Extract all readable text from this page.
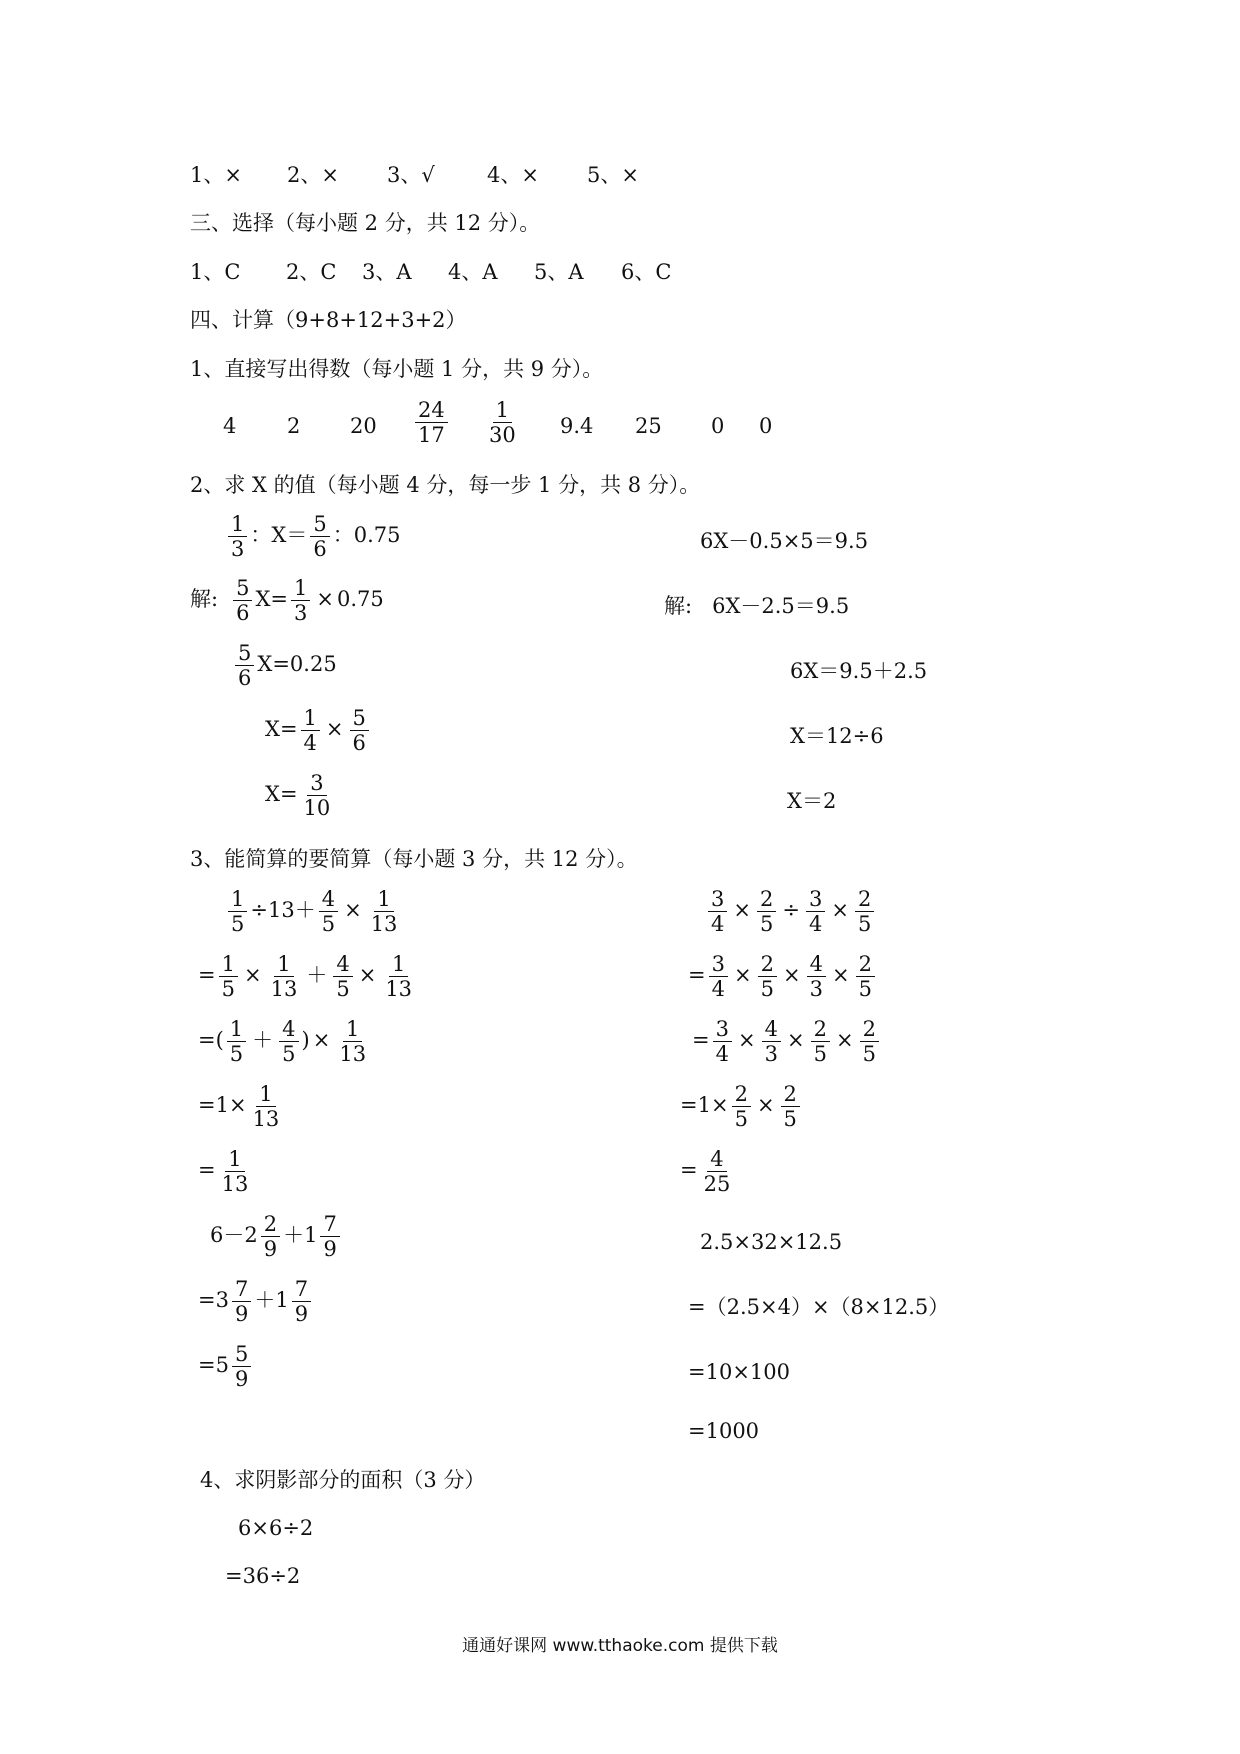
1、× 2、× 3、√ 4、× 5、×
三、选择（每小题 2 分，共 12 分）。
1、C 2、C 3、A 4、A 5、A 6、C
四、计算（9+8+12+3+2）
1、直接写出得数（每小题 1 分，共 9 分）。
4 2 $20 \frac{24}{17} \frac{1}{30} 9.4$ 25 0 0
2、求 X 的值（每小题 4 分，每一步 1 分，共 8 分）。
$\frac{1}{3}$ ：$X= \frac{5}{6}$ ：0.75
解: $\frac{5}{6} X= \frac{1}{3} \times 0.75$
$\frac{5}{6} X=0.25$
$X= \frac{1}{4} \times \frac{5}{6}$
$X= \frac{3}{10}$
6X－0.5×5＝9.5
解: 6X－2.5＝9.5
6X＝9.5＋2.5
X＝12÷6
X＝2
3、能简算的要简算（每小题 3 分，共 12 分）。
$\frac{1}{5} \div 13+ \frac{4}{5} \times \frac{1}{13}$
= $\frac{1}{5} \times \frac{1}{13} + \frac{4}{5} \times \frac{1}{13}$
=( $\frac{1}{5} + \frac{4}{5}$ ) × $\frac{1}{13}$
$=1\times \frac{1}{13}$
= $\frac{1}{13}$
$\frac{3}{4} \times \frac{2}{5} \div \frac{3}{4} \times \frac{2}{5}$
= $\frac{3}{4} \times \frac{2}{5} \times \frac{4}{3} \times \frac{2}{5}$
= $\frac{3}{4} \times \frac{4}{3} \times \frac{2}{5} \times \frac{2}{5}$
$=1\times \frac{2}{5} \times \frac{2}{5}$
= $\frac{4}{25}$
$6-2 \frac{2}{9} +1 \frac{7}{9}$
$=3 \frac{7}{9} +1 \frac{7}{9}$
$=5 \frac{5}{9}$
2.5×32×12.5
=（2.5×4）×（8×12.5）
=10×100
=1000
4、求阴影部分的面积（3 分）
6×6÷2
=36÷2
通通好课网 www.tthaoke.com 提供下载
